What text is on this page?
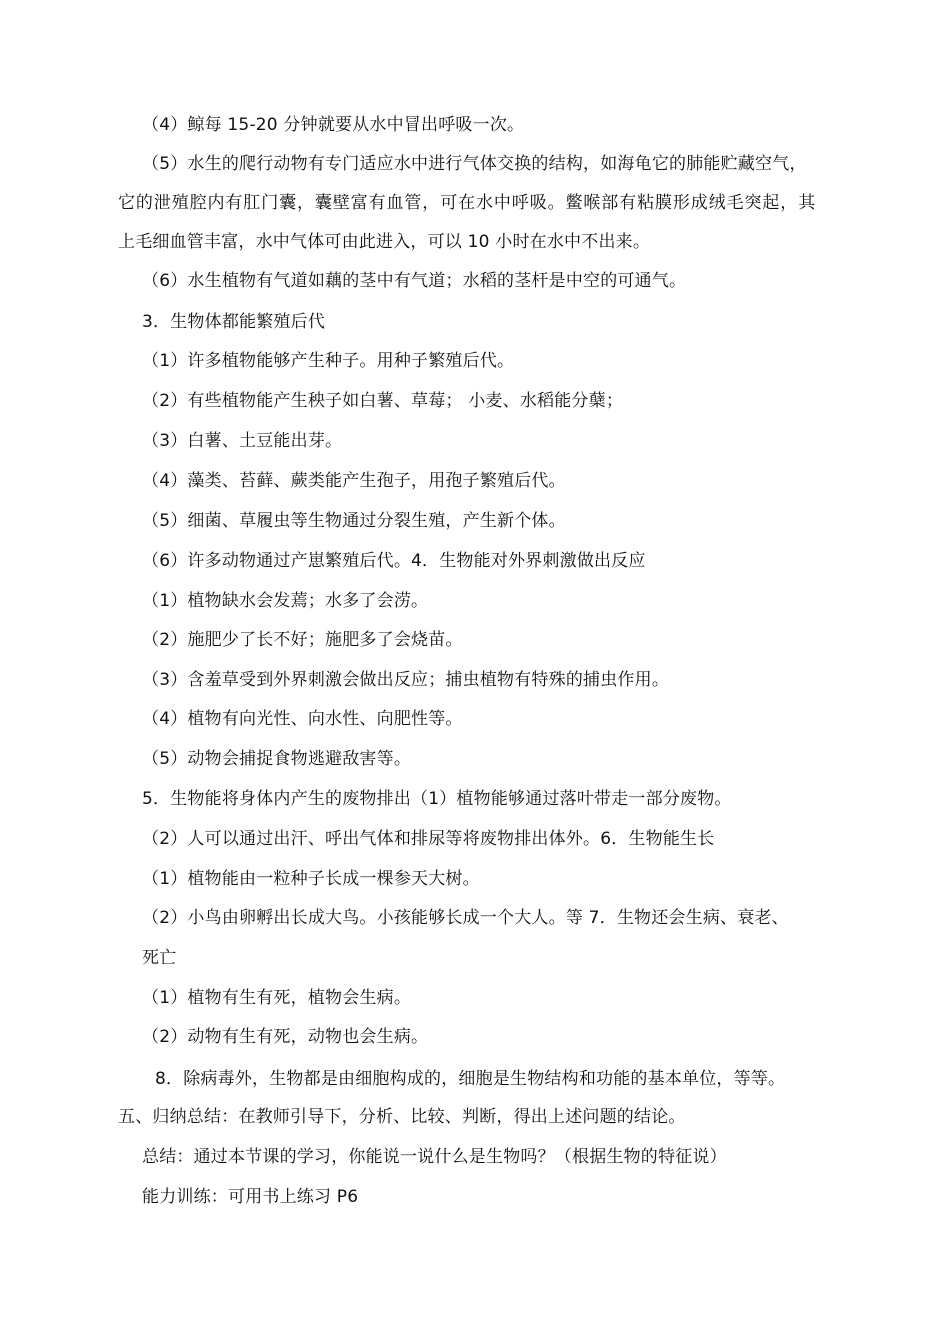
（4）鲸每 15-20 分钟就要从水中冒出呼吸一次。
（5）水生的爬行动物有专门适应水中进行气体交换的结构，如海龟它的肺能贮藏空气，
它的泄殖腔内有肛门囊，囊壁富有血管，可在水中呼吸。鳖喉部有粘膜形成绒毛突起，其
上毛细血管丰富，水中气体可由此进入，可以 10 小时在水中不出来。
（6）水生植物有气道如藕的茎中有气道；水稻的茎杆是中空的可通气。
3．生物体都能繁殖后代
（1）许多植物能够产生种子。用种子繁殖后代。
（2）有些植物能产生秧子如白薯、草莓； 小麦、水稻能分蘖；
（3）白薯、土豆能出芽。
（4）藻类、苔藓、蕨类能产生孢子，用孢子繁殖后代。
（5）细菌、草履虫等生物通过分裂生殖，产生新个体。
（6）许多动物通过产崽繁殖后代。4．生物能对外界刺激做出反应
（1）植物缺水会发蔫；水多了会涝。
（2）施肥少了长不好；施肥多了会烧苗。
（3）含羞草受到外界刺激会做出反应；捕虫植物有特殊的捕虫作用。
（4）植物有向光性、向水性、向肥性等。
（5）动物会捕捉食物逃避敌害等。
5．生物能将身体内产生的废物排出（1）植物能够通过落叶带走一部分废物。
（2）人可以通过出汗、呼出气体和排尿等将废物排出体外。6．生物能生长
（1）植物能由一粒种子长成一棵参天大树。
（2）小鸟由卵孵出长成大鸟。小孩能够长成一个大人。等 7．生物还会生病、衰老、
死亡
（1）植物有生有死，植物会生病。
（2）动物有生有死，动物也会生病。
8．除病毒外，生物都是由细胞构成的，细胞是生物结构和功能的基本单位，等等。
五、归纳总结：在教师引导下，分析、比较、判断，得出上述问题的结论。
总结：通过本节课的学习，你能说一说什么是生物吗？（根据生物的特征说）
能力训练：可用书上练习 P6
